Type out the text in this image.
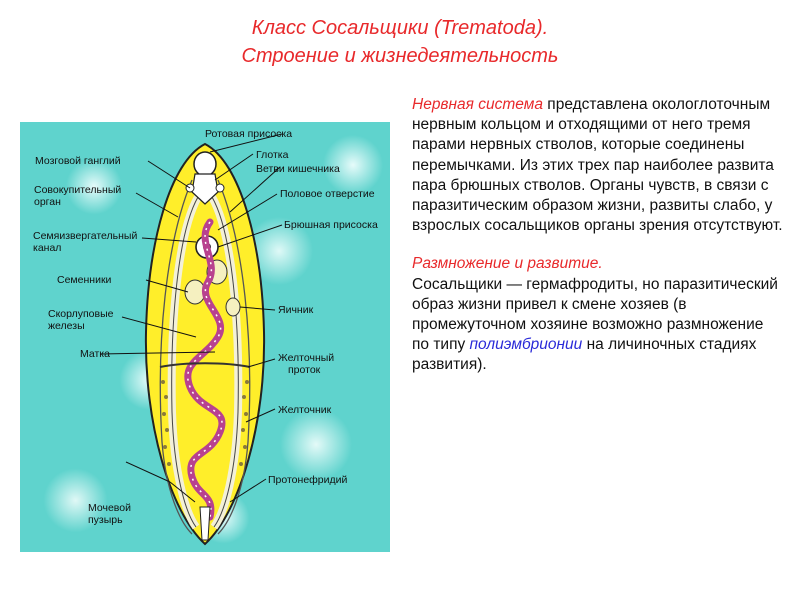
Класс Сосальщики (Trematoda).
Строение и жизнедеятельность
Мозговой ганглий
Совокупительный
орган
Семяизвергательный
канал
Семенники
Скорлуповые
железы
Матка
Мочевой
пузырь
Ротовая присоска
Глотка
Ветви кишечника
Половое отверстие
Брюшная присоска
Яичник
Желточный
проток
Желточник
Протонефридий

Нервная система представлена окологлоточным нервным кольцом и отходящими от него тремя парами нервных стволов, которые соединены перемычками. Из этих трех пар наиболее развита пара брюшных стволов. Органы чувств, в связи с паразитическим образом жизни, развиты слабо, у взрослых сосальщиков органы зрения отсутствуют.

Размножение и развитие.
Сосальщики — гермафродиты, но паразитический образ жизни привел к смене хозяев (в промежуточном хозяине возможно размножение по типу полиэмбрионии на личиночных стадиях развития).
